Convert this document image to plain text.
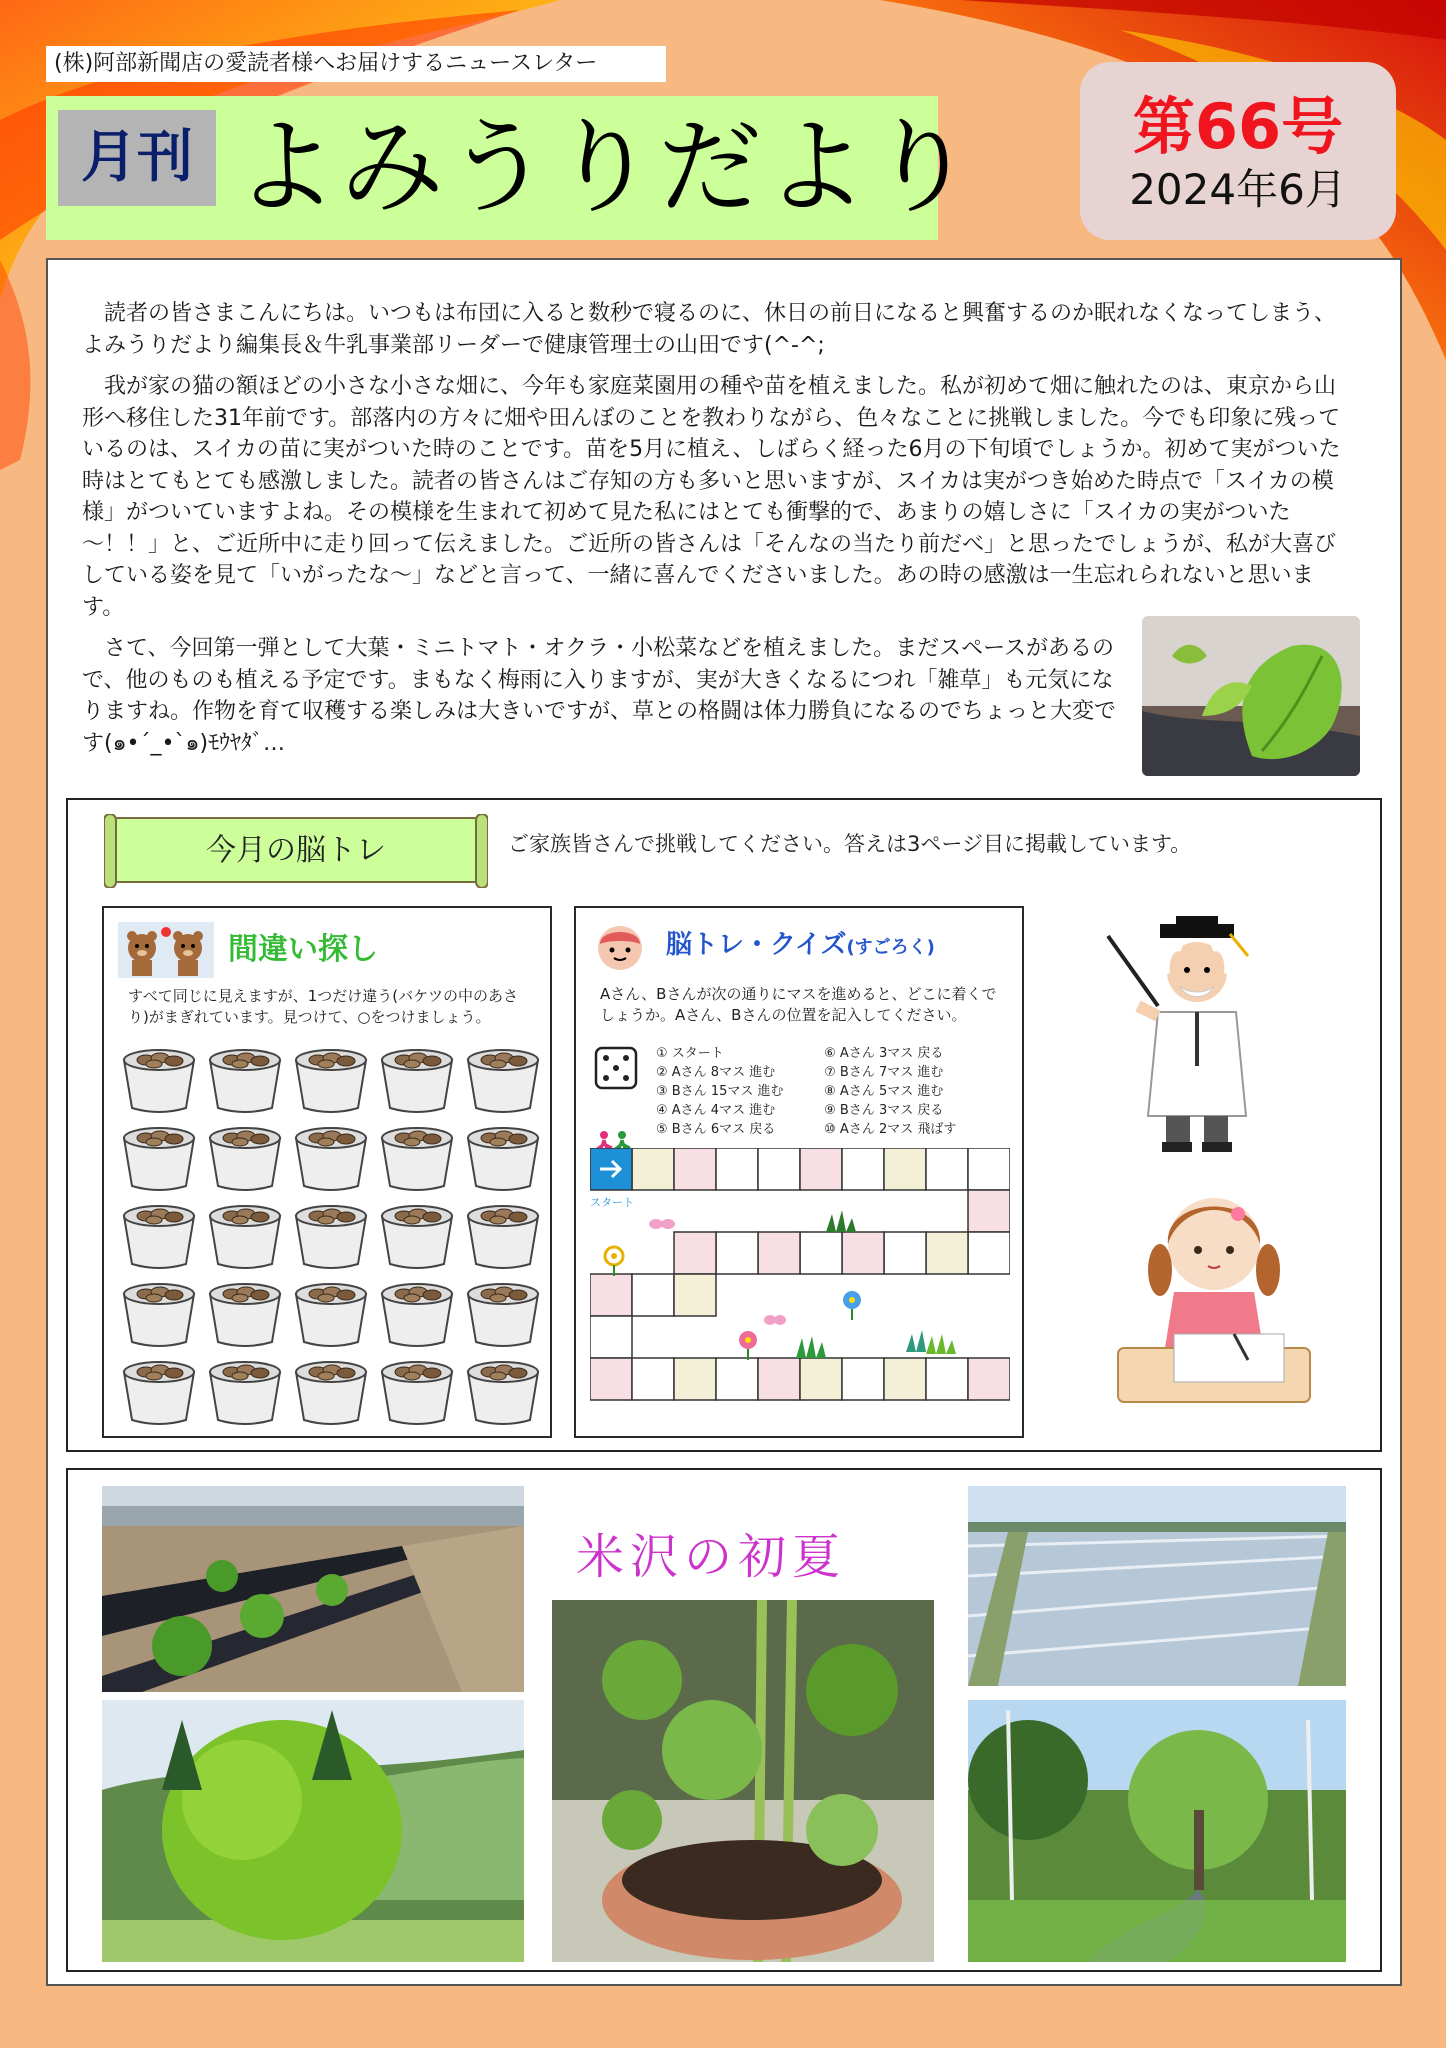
(株)阿部新聞店の愛読者様へお届けするニュースレター
月刊 よみうりだより	第66号
2024年6月

読者の皆さまこんにちは。いつもは布団に入ると数秒で寝るのに、休日の前日になると興奮するのか眠れなくなってしまう、よみうりだより編集長＆牛乳事業部リーダーで健康管理士の山田です(^-^;

我が家の猫の額ほどの小さな小さな畑に、今年も家庭菜園用の種や苗を植えました。私が初めて畑に触れたのは、東京から山形へ移住した31年前です。部落内の方々に畑や田んぼのことを教わりながら、色々なことに挑戦しました。今でも印象に残っているのは、スイカの苗に実がついた時のことです。苗を5月に植え、しばらく経った6月の下旬頃でしょうか。初めて実がついた時はとてもとても感激しました。読者の皆さんはご存知の方も多いと思いますが、スイカは実がつき始めた時点で「スイカの模様」がついていますよね。その模様を生まれて初めて見た私にはとても衝撃的で、あまりの嬉しさに「スイカの実がついた～！！」と、ご近所中に走り回って伝えました。ご近所の皆さんは「そんなの当たり前だべ」と思ったでしょうが、私が大喜びしている姿を見て「いがったな～」などと言って、一緒に喜んでくださいました。あの時の感激は一生忘れられないと思います。

さて、今回第一弾として大葉・ミニトマト・オクラ・小松菜などを植えました。まだスペースがあるので、他のものも植える予定です。まもなく梅雨に入りますが、実が大きくなるにつれ「雑草」も元気になりますね。作物を育て収穫する楽しみは大きいですが、草との格闘は体力勝負になるのでちょっと大変です(๑•´_•`๑)ﾓｳﾔﾀﾞ…

今月の脳トレ	ご家族皆さんで挑戦してください。答えは3ページ目に掲載しています。
間違い探し
すべて同じに見えますが、1つだけ違う(バケツの中のあさり)がまぎれています。見つけて、○をつけましょう。
脳トレ・クイズ(すごろく)
Aさん、Bさんが次の通りにマスを進めると、どこに着くでしょうか。Aさん、Bさんの位置を記入してください。
① スタート
② Aさん 8マス 進む
③ Bさん 15マス 進む
④ Aさん 4マス 進む
⑤ Bさん 6マス 戻る

⑥ Aさん 3マス 戻る
⑦ Bさん 7マス 進む
⑧ Aさん 5マス 進む
⑨ Bさん 3マス 戻る
⑩ Aさん 2マス 飛ばす
スタート
米沢の初夏
